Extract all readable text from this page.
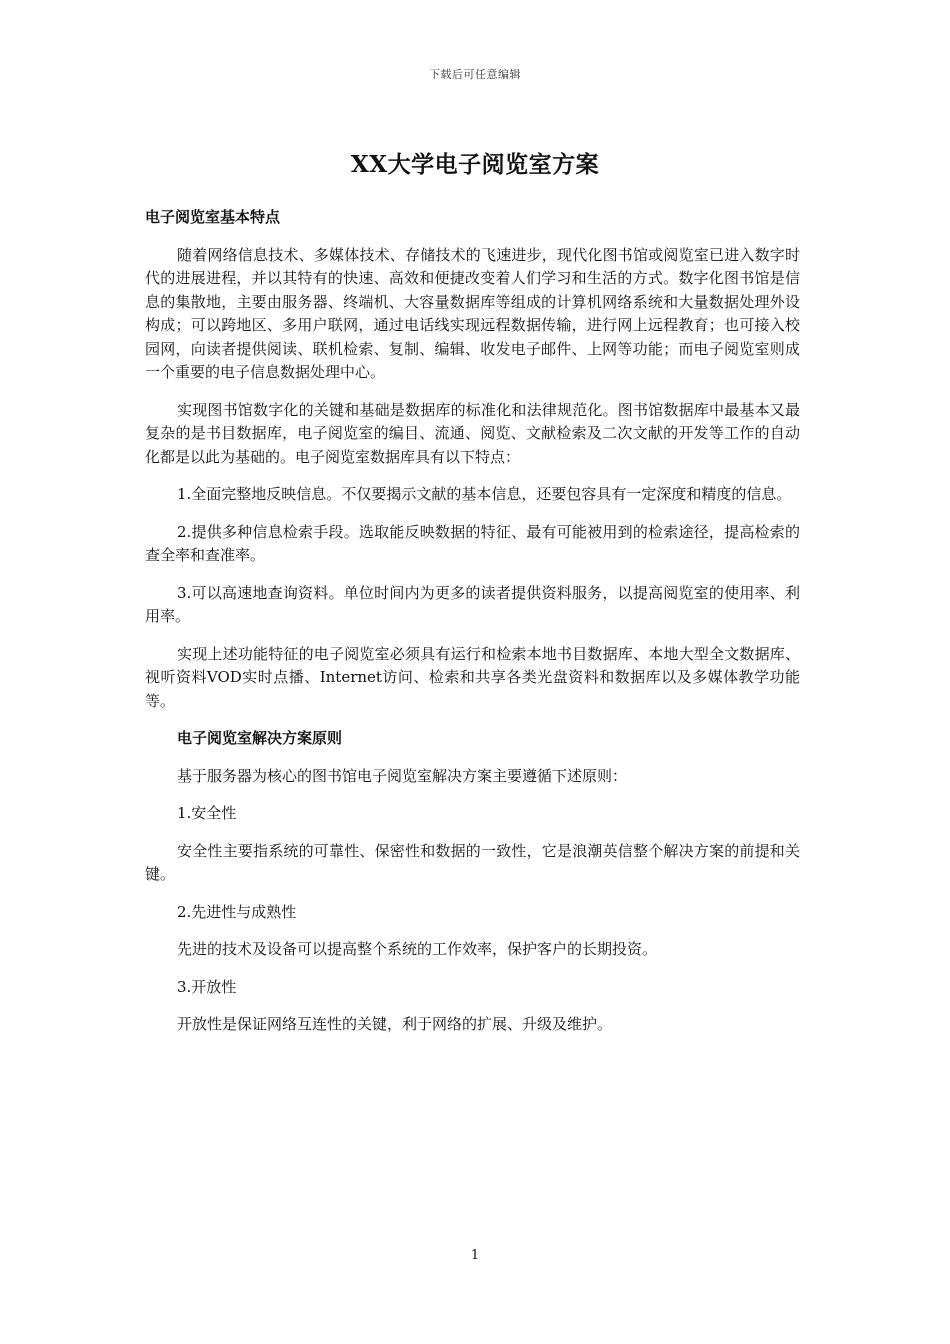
下载后可任意编辑
XX大学电子阅览室方案

电子阅览室基本特点

随着网络信息技术、多媒体技术、存储技术的飞速进步，现代化图书馆或阅览室已进入数字时代的进展进程，并以其特有的快速、高效和便捷改变着人们学习和生活的方式。数字化图书馆是信息的集散地，主要由服务器、终端机、大容量数据库等组成的计算机网络系统和大量数据处理外设构成；可以跨地区、多用户联网，通过电话线实现远程数据传输，进行网上远程教育；也可接入校园网，向读者提供阅读、联机检索、复制、编辑、收发电子邮件、上网等功能；而电子阅览室则成一个重要的电子信息数据处理中心。

实现图书馆数字化的关键和基础是数据库的标准化和法律规范化。图书馆数据库中最基本又最复杂的是书目数据库，电子阅览室的编目、流通、阅览、文献检索及二次文献的开发等工作的自动化都是以此为基础的。电子阅览室数据库具有以下特点：

1.全面完整地反映信息。不仅要揭示文献的基本信息，还要包容具有一定深度和精度的信息。

2.提供多种信息检索手段。选取能反映数据的特征、最有可能被用到的检索途径，提高检索的查全率和查准率。

3.可以高速地查询资料。单位时间内为更多的读者提供资料服务，以提高阅览室的使用率、利用率。

实现上述功能特征的电子阅览室必须具有运行和检索本地书目数据库、本地大型全文数据库、视听资料VOD实时点播、Internet访问、检索和共享各类光盘资料和数据库以及多媒体教学功能等。

电子阅览室解决方案原则

基于服务器为核心的图书馆电子阅览室解决方案主要遵循下述原则：

1.安全性

安全性主要指系统的可靠性、保密性和数据的一致性，它是浪潮英信整个解决方案的前提和关键。

2.先进性与成熟性

先进的技术及设备可以提高整个系统的工作效率，保护客户的长期投资。

3.开放性

开放性是保证网络互连性的关键，利于网络的扩展、升级及维护。

1
